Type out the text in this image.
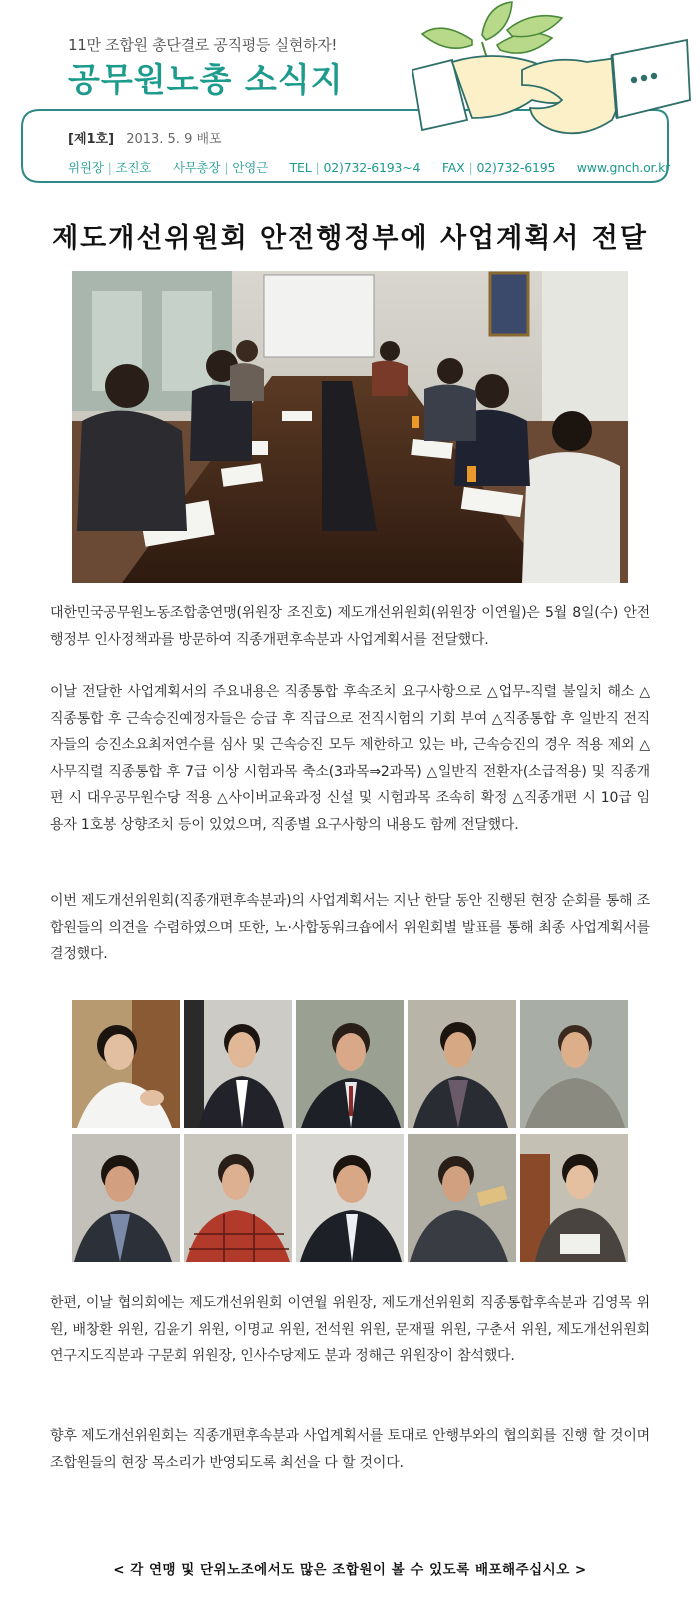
11만 조합원 총단결로 공직평등 실현하자!
공무원노총 소식지
[제1호] 2013. 5. 9 배포
위원장 | 조진호 사무총장 | 안영근 TEL | 02)732-6193~4 FAX | 02)732-6195 www.gnch.or.kr
제도개선위원회 안전행정부에 사업계획서 전달

대한민국공무원노동조합총연맹(위원장 조진호) 제도개선위원회(위원장 이연월)은 5월 8일(수) 안전행정부 인사정책과를 방문하여 직종개편후속분과 사업계획서를 전달했다.

이날 전달한 사업계획서의 주요내용은 직종통합 후속조치 요구사항으로 △업무-직렬 불일치 해소 △직종통합 후 근속승진예정자들은 승급 후 직급으로 전직시험의 기회 부여 △직종통합 후 일반직 전직자들의 승진소요최저연수를 심사 및 근속승진 모두 제한하고 있는 바, 근속승진의 경우 적용 제외 △사무직렬 직종통합 후 7급 이상 시험과목 축소(3과목⇒2과목) △일반직 전환자(소급적용) 및 직종개편 시 대우공무원수당 적용 △사이버교육과정 신설 및 시험과목 조속히 확정 △직종개편 시 10급 임용자 1호봉 상향조치 등이 있었으며, 직종별 요구사항의 내용도 함께 전달했다.

이번 제도개선위원회(직종개편후속분과)의 사업계획서는 지난 한달 동안 진행된 현장 순회를 통해 조합원들의 의견을 수렴하였으며 또한, 노·사합동워크숍에서 위원회별 발표를 통해 최종 사업계획서를 결정했다.

한편, 이날 협의회에는 제도개선위원회 이연월 위원장, 제도개선위원회 직종통합후속분과 김영목 위원, 배창환 위원, 김윤기 위원, 이명교 위원, 전석원 위원, 문재필 위원, 구춘서 위원, 제도개선위원회 연구지도직분과 구문회 위원장, 인사수당제도 분과 정해근 위원장이 참석했다.

향후 제도개선위원회는 직종개편후속분과 사업계획서를 토대로 안행부와의 협의회를 진행 할 것이며 조합원들의 현장 목소리가 반영되도록 최선을 다 할 것이다.

< 각 연맹 및 단위노조에서도 많은 조합원이 볼 수 있도록 배포해주십시오 >
